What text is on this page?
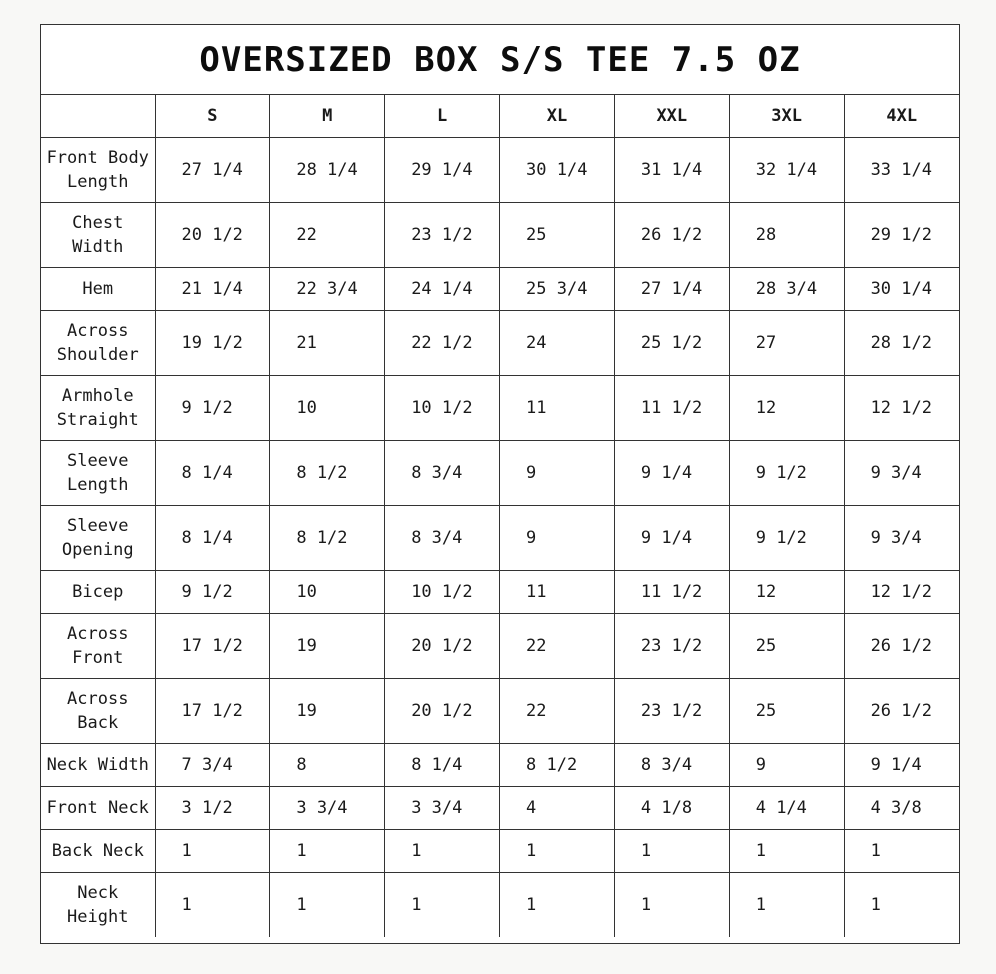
OVERSIZED BOX S/S TEE 7.5 OZ
	S	M	L	XL	XXL	3XL	4XL
Front Body
Length	27 1/4	28 1/4	29 1/4	30 1/4	31 1/4	32 1/4	33 1/4
Chest
Width	20 1/2	22	23 1/2	25	26 1/2	28	29 1/2
Hem	21 1/4	22 3/4	24 1/4	25 3/4	27 1/4	28 3/4	30 1/4
Across
Shoulder	19 1/2	21	22 1/2	24	25 1/2	27	28 1/2
Armhole
Straight	9 1/2	10	10 1/2	11	11 1/2	12	12 1/2
Sleeve
Length	8 1/4	8 1/2	8 3/4	9	9 1/4	9 1/2	9 3/4
Sleeve
Opening	8 1/4	8 1/2	8 3/4	9	9 1/4	9 1/2	9 3/4
Bicep	9 1/2	10	10 1/2	11	11 1/2	12	12 1/2
Across
Front	17 1/2	19	20 1/2	22	23 1/2	25	26 1/2
Across
Back	17 1/2	19	20 1/2	22	23 1/2	25	26 1/2
Neck Width	7 3/4	8	8 1/4	8 1/2	8 3/4	9	9 1/4
Front Neck	3 1/2	3 3/4	3 3/4	4	4 1/8	4 1/4	4 3/8
Back Neck	1	1	1	1	1	1	1
Neck
Height	1	1	1	1	1	1	1
